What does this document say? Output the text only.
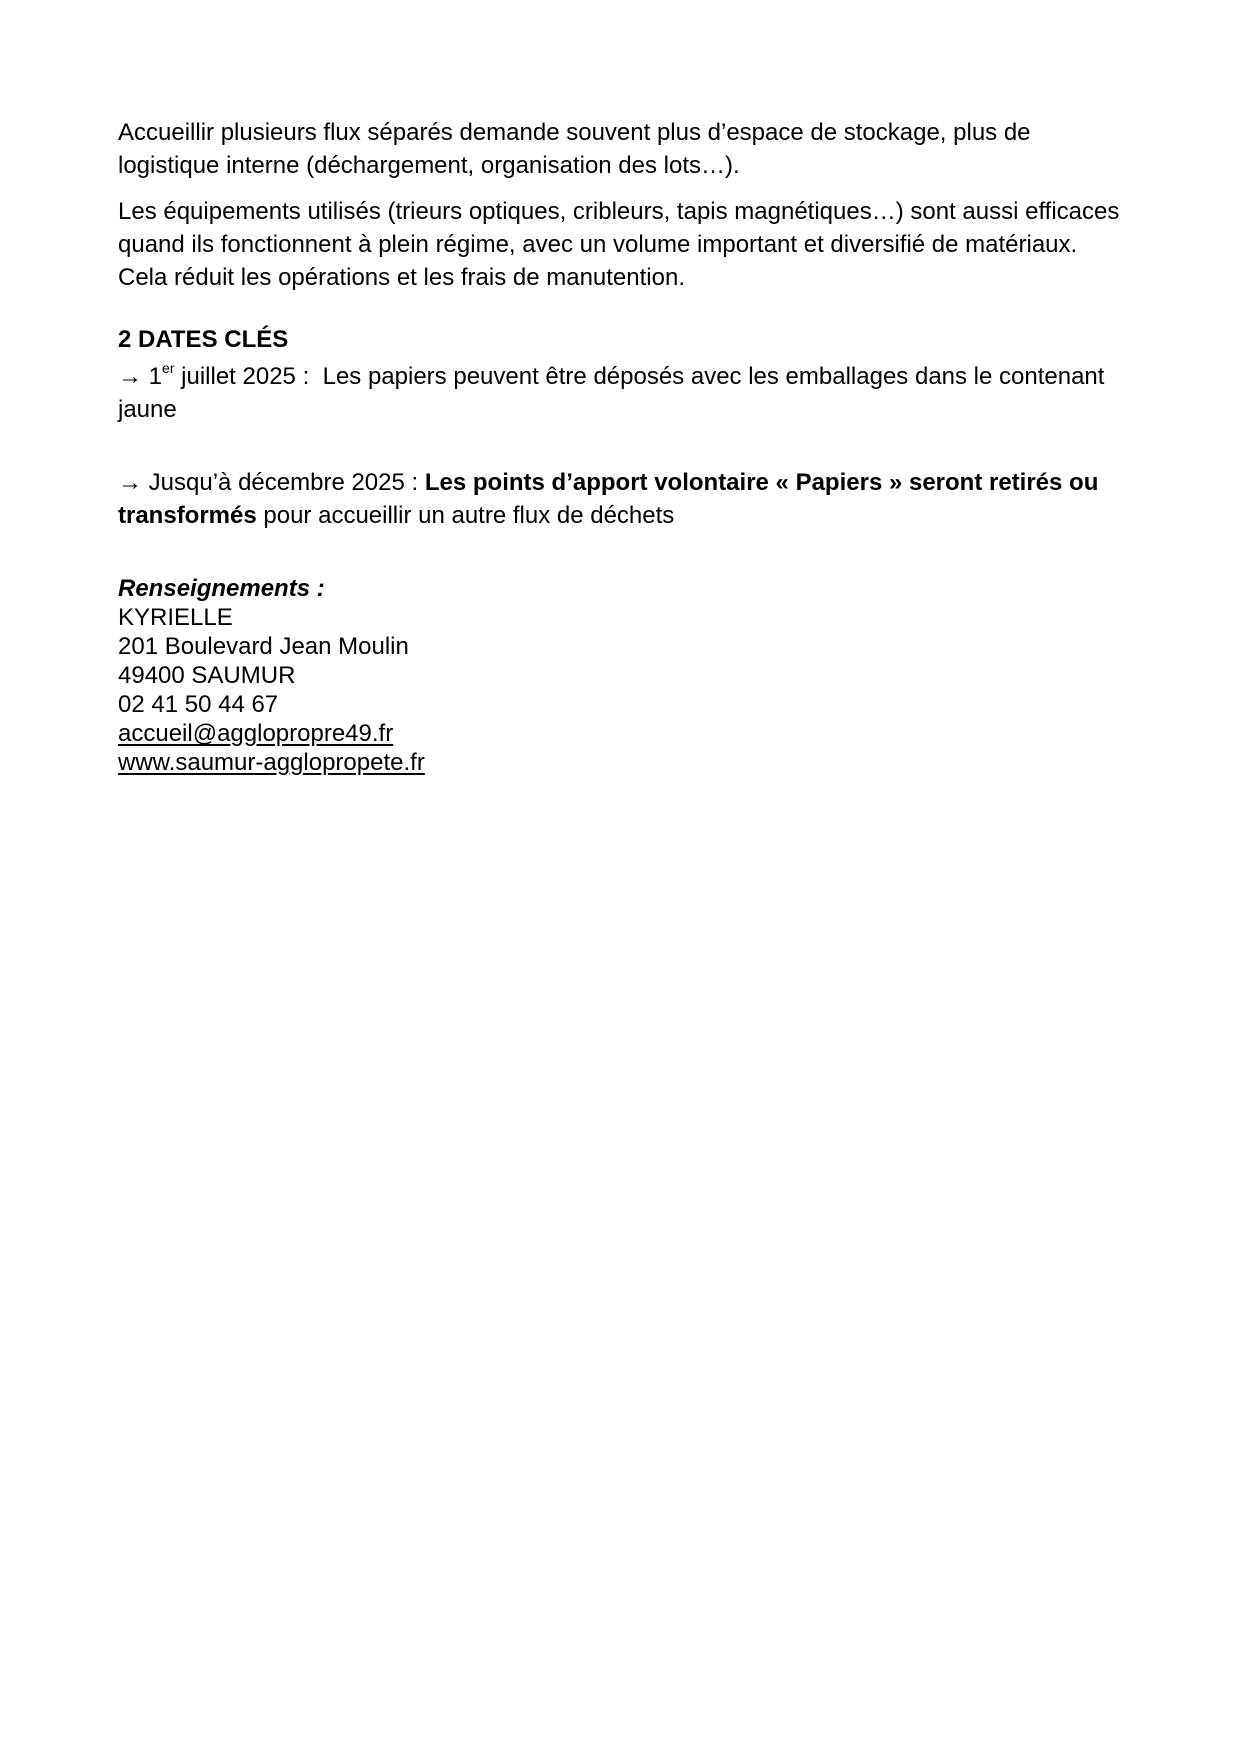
Accueillir plusieurs flux séparés demande souvent plus d’espace de stockage, plus de logistique interne (déchargement, organisation des lots…).

Les équipements utilisés (trieurs optiques, cribleurs, tapis magnétiques…) sont aussi efficaces quand ils fonctionnent à plein régime, avec un volume important et diversifié de matériaux. Cela réduit les opérations et les frais de manutention.

2 DATES CLÉS

→ 1er juillet 2025 : Les papiers peuvent être déposés avec les emballages dans le contenant jaune

→ Jusqu’à décembre 2025 : Les points d’apport volontaire « Papiers » seront retirés ou transformés pour accueillir un autre flux de déchets

Renseignements :
KYRIELLE
201 Boulevard Jean Moulin
49400 SAUMUR
02 41 50 44 67
accueil@agglopropre49.fr
www.saumur-agglopropete.fr
